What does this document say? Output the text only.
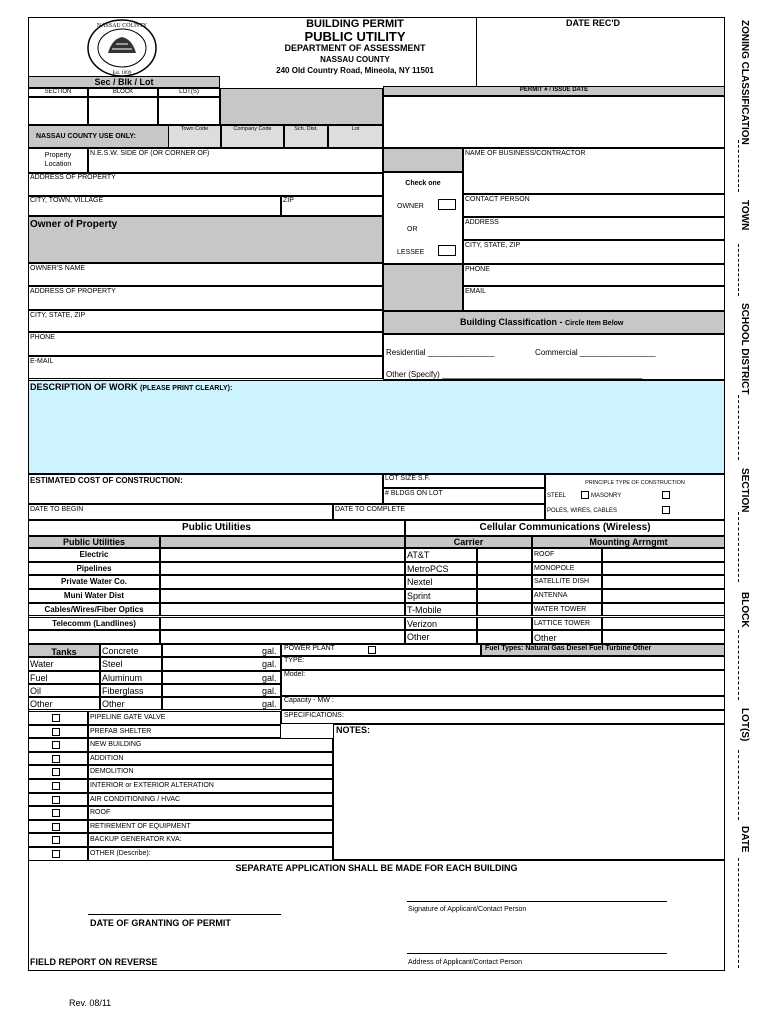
NASSAU COUNTY
Est. 1899
BUILDING PERMIT
PUBLIC UTILITY
DEPARTMENT OF ASSESSMENT
NASSAU COUNTY
240 Old Country Road, Mineola, NY 11501
DATE REC'D
Sec / Blk / Lot
SECTION	BLOCK	LOT(S)
Town Code	Company Code	Sch. Dist.	Lot
NASSAU COUNTY USE ONLY:
PERMIT # / ISSUE DATE
Property
Location
N.E.S.W. SIDE OF (OR CORNER OF)
ADDRESS OF PROPERTY
CITY, TOWN, VILLAGE	ZIP
Owner of Property
OWNER'S NAME
ADDRESS OF PROPERTY
CITY, STATE, ZIP
PHONE
E-MAIL
Check one
OWNER
OR
LESSEE
NAME OF BUSINESS/CONTRACTOR
CONTACT PERSON
ADDRESS
CITY, STATE, ZIP
PHONE
EMAIL
Building Classification - Circle Item Below
Residential _______________	Commercial _________________
Other (Specify) _____________________________________________
DESCRIPTION OF WORK (PLEASE PRINT CLEARLY):
ESTIMATED COST OF CONSTRUCTION:	LOT SIZE S.F.
# BLDGS ON LOT
PRINCIPLE TYPE OF CONSTRUCTION
STEEL	MASONRY
POLES, WIRES, CABLES
DATE TO BEGIN	DATE TO COMPLETE
Public Utilities	Cellular Communications (Wireless)
Public Utilities	Carrier	Mounting Arrngmt
Electric	AT&T	ROOF
Pipelines	MetroPCS	MONOPOLE
Private Water Co.	Nextel	SATELLITE DISH
Muni Water Dist	Sprint	ANTENNA
Cables/Wires/Fiber Optics	T-Mobile	WATER TOWER
Telecomm (Landlines)	Verizon	LATTICE TOWER
Other	Other
Concrete	gal.
Water	Steel	gal.
Fuel	Aluminum	gal.
Oil	Fiberglass	gal.
Other	Other	gal.
Tanks	POWER PLANT	Fuel Types: Natural Gas Diesel Fuel Turbine Other
TYPE:
Model:
Capacity - MW :
SPECIFICATIONS:
PIPELINE GATE VALVE
PREFAB SHELTER
NEW BUILDING
ADDITION
DEMOLITION
INTERIOR or EXTERIOR ALTERATION
AIR CONDITIONING / HVAC
ROOF
RETIREMENT OF EQUIPMENT
BACKUP GENERATOR KVA:
OTHER (Describe):
NOTES:
SEPARATE APPLICATION SHALL BE MADE FOR EACH BUILDING
Signature of Applicant/Contact Person
DATE OF GRANTING OF PERMIT
Address of Applicant/Contact Person
FIELD REPORT ON REVERSE
Rev. 08/11
ZONING CLASSIFICATION
TOWN
SCHOOL DISTRICT
SECTION
BLOCK
LOT(S)
DATE
